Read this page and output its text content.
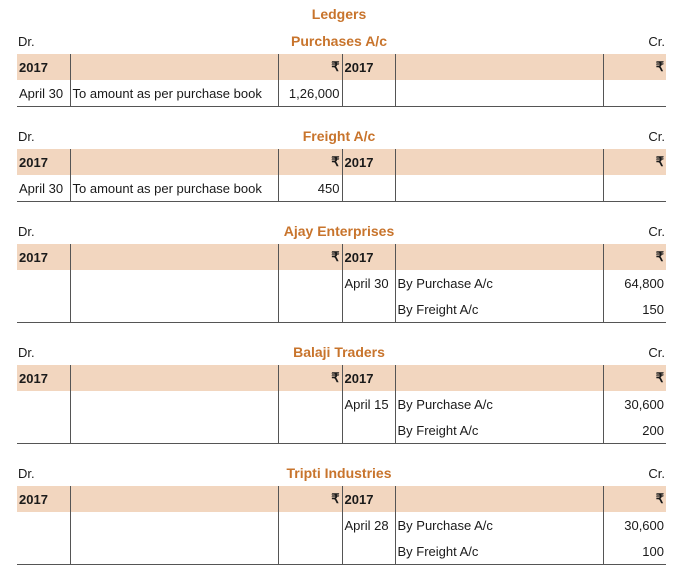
Ledgers
Dr.	Purchases A/c	Cr.
2017		₹	2017		₹
April 30	To amount as per purchase book	1,26,000			
Dr.	Freight A/c	Cr.
2017		₹	2017		₹
April 30	To amount as per purchase book	450			
Dr.	Ajay Enterprises	Cr.
2017		₹	2017		₹
			April 30	By Purchase A/c	64,800
				By Freight A/c	150
Dr.	Balaji Traders	Cr.
2017		₹	2017		₹
			April 15	By Purchase A/c	30,600
				By Freight A/c	200
Dr.	Tripti Industries	Cr.
2017		₹	2017		₹
			April 28	By Purchase A/c	30,600
				By Freight A/c	100
